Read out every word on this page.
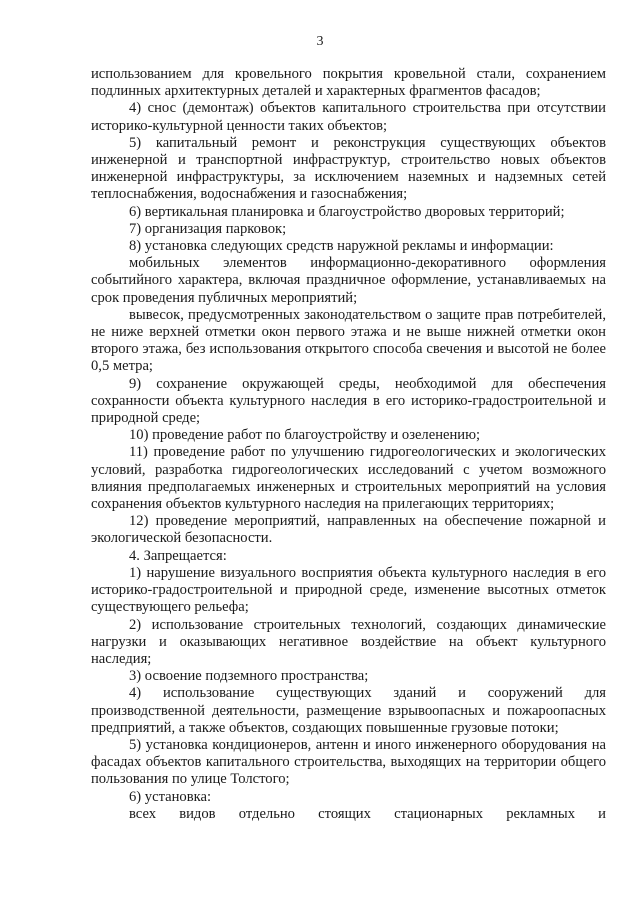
3

использованием для кровельного покрытия кровельной стали, сохранением подлинных архитектурных деталей и характерных фрагментов фасадов;

4) снос (демонтаж) объектов капитального строительства при отсутствии историко-культурной ценности таких объектов;

5) капитальный ремонт и реконструкция существующих объектов инженерной и транспортной инфраструктур, строительство новых объектов инженерной инфраструктуры, за исключением наземных и надземных сетей теплоснабжения, водоснабжения и газоснабжения;

6) вертикальная планировка и благоустройство дворовых территорий;

7) организация парковок;

8) установка следующих средств наружной рекламы и информации:

мобильных элементов информационно-декоративного оформления событийного характера, включая праздничное оформление, устанавливаемых на срок проведения публичных мероприятий;

вывесок, предусмотренных законодательством о защите прав потребителей, не ниже верхней отметки окон первого этажа и не выше нижней отметки окон второго этажа, без использования открытого способа свечения и высотой не более 0,5 метра;

9) сохранение окружающей среды, необходимой для обеспечения сохранности объекта культурного наследия в его историко-градостроительной и природной среде;

10) проведение работ по благоустройству и озеленению;

11) проведение работ по улучшению гидрогеологических и экологических условий, разработка гидрогеологических исследований с учетом возможного влияния предполагаемых инженерных и строительных мероприятий на условия сохранения объектов культурного наследия на прилегающих территориях;

12) проведение мероприятий, направленных на обеспечение пожарной и экологической безопасности.

4. Запрещается:

1) нарушение визуального восприятия объекта культурного наследия в его историко-градостроительной и природной среде, изменение высотных отметок существующего рельефа;

2) использование строительных технологий, создающих динамические нагрузки и оказывающих негативное воздействие на объект культурного наследия;

3) освоение подземного пространства;

4) использование существующих зданий и сооружений для производственной деятельности, размещение взрывоопасных и пожароопасных предприятий, а также объектов, создающих повышенные грузовые потоки;

5) установка кондиционеров, антенн и иного инженерного оборудования на фасадах объектов капитального строительства, выходящих на территории общего пользования по улице Толстого;

6) установка:

всех видов отдельно стоящих стационарных рекламных и
